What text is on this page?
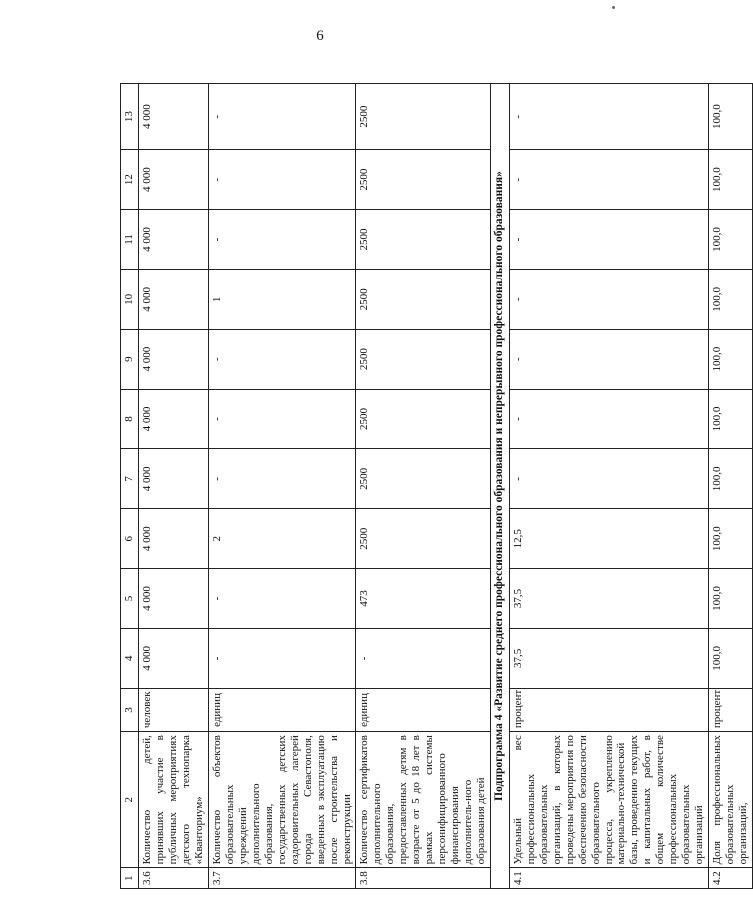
6
1	2	3	4	5	6	7	8	9	10	11	12	13
3.6	Количество детей, принявших участие в публичных мероприятиях детского технопарка «Кванториум»	человек	4 000	4 000	4 000	4 000	4 000	4 000	4 000	4 000	4 000	4 000
3.7	Количество объектов образовательных учреждений дополнительного образования, государственных детских оздоровительных лагерей города Севастополя, введенных в эксплуатацию после строительства и реконструкции	единиц	-	-	2	-	-	-	1	-	-	-
3.8	Количество сертификатов дополнительного образования, предоставленных детям в возрасте от 5 до 18 лет в рамках системы персонифицированного финансирования дополнитель-ного образования детей	единиц	-	473	2500	2500	2500	2500	2500	2500	2500	2500
Подпрограмма 4 «Развитие среднего профессионального образования и непрерывного профессионального образования»												
4.1	Удельный вес профессиональных образовательных организаций, в которых проведены мероприятия по обеспечению безопасности образовательного процесса, укреплению материально-технической базы, проведению текущих и капитальных работ, в общем количестве профессиональных образовательных организаций	процент	37,5	37,5	12,5	-	-	-	-	-	-	-
4.2	Доля профессиональных образовательных организаций,	процент	100,0	100,0	100,0	100,0	100,0	100,0	100,0	100,0	100,0	100,0
